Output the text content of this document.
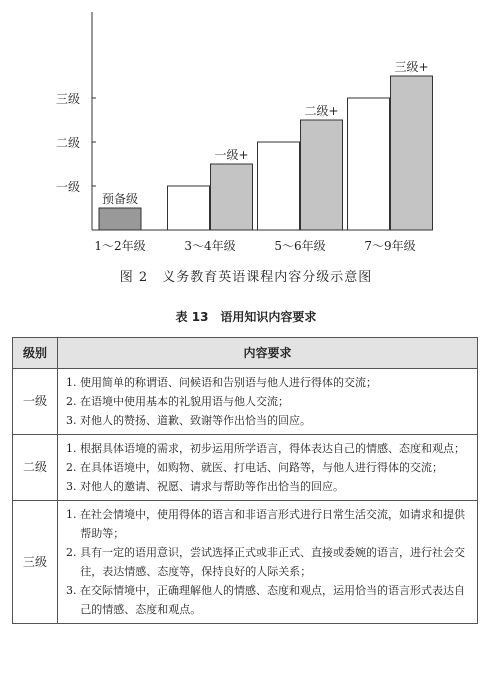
一级
二级
三级
1～2年级	3～4年级	5～6年级	7～9年级
预备级
一级+
二级+
三级+
图 2　义务教育英语课程内容分级示意图
表 13　语用知识内容要求
级别	内容要求
一级	1. 使用简单的称谓语、问候语和告别语与他人进行得体的交流；
2. 在语境中使用基本的礼貌用语与他人交流；
3. 对他人的赞扬、道歉、致谢等作出恰当的回应。

二级	1. 根据具体语境的需求，初步运用所学语言，得体表达自己的情感、态度和观点；
2. 在具体语境中，如购物、就医、打电话、问路等，与他人进行得体的交流；
3. 对他人的邀请、祝愿、请求与帮助等作出恰当的回应。

三级	1. 在社会情境中，使用得体的语言和非语言形式进行日常生活交流，如请求和提供帮助等；
2. 具有一定的语用意识，尝试选择正式或非正式、直接或委婉的语言，进行社会交往，表达情感、态度等，保持良好的人际关系；
3. 在交际情境中，正确理解他人的情感、态度和观点，运用恰当的语言形式表达自己的情感、态度和观点。
